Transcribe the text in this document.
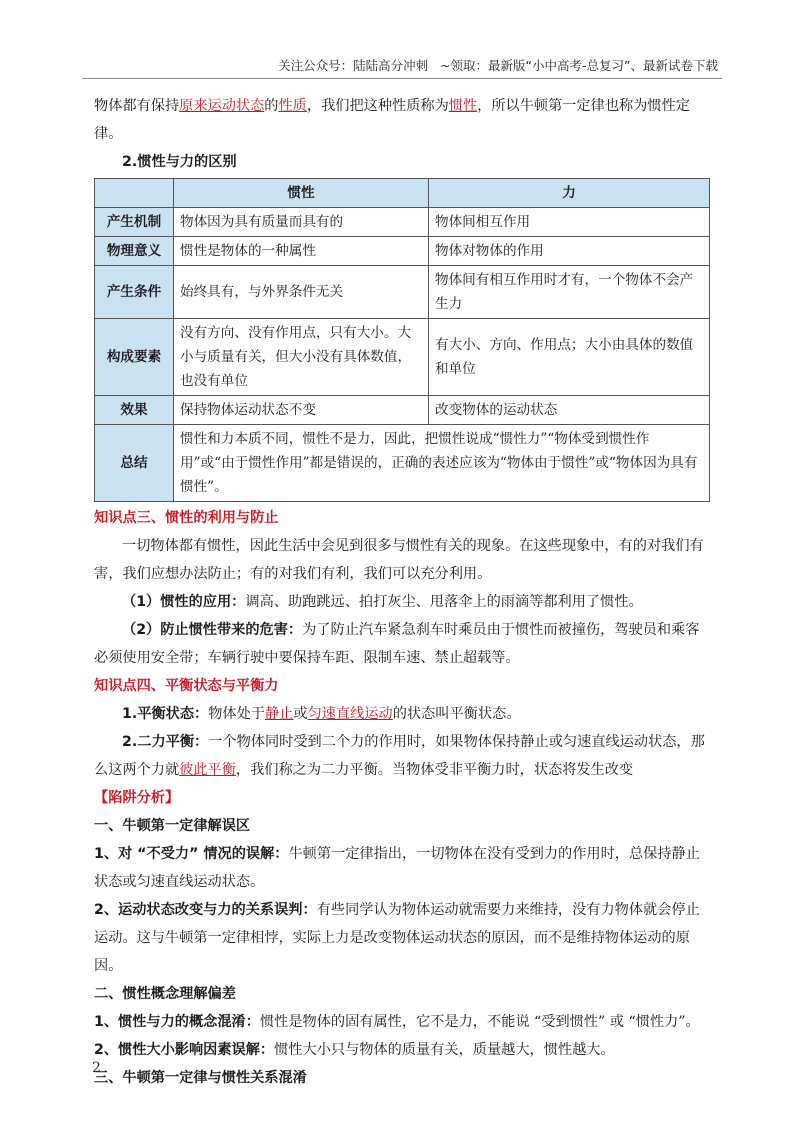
关注公众号：陆陆高分冲刺   ~领取：最新版“小中高考-总复习”、最新试卷下载

物体都有保持原来运动状态的性质，我们把这种性质称为惯性，所以牛顿第一定律也称为惯性定律。

2.惯性与力的区别

	惯性	力
产生机制	物体因为具有质量而具有的	物体间相互作用
物理意义	惯性是物体的一种属性	物体对物体的作用
产生条件	始终具有，与外界条件无关	物体间有相互作用时才有，一个物体不会产生力
构成要素	没有方向、没有作用点，只有大小。大小与质量有关，但大小没有具体数值，也没有单位	有大小、方向、作用点；大小由具体的数值和单位
效果	保持物体运动状态不变	改变物体的运动状态
总结	惯性和力本质不同，惯性不是力，因此，把惯性说成“惯性力”“物体受到惯性作用”或“由于惯性作用”都是错误的，正确的表述应该为“物体由于惯性”或“物体因为具有惯性”。	

知识点三、惯性的利用与防止

一切物体都有惯性，因此生活中会见到很多与惯性有关的现象。在这些现象中，有的对我们有害，我们应想办法防止；有的对我们有利，我们可以充分利用。

（1）惯性的应用：调高、助跑跳远、拍打灰尘、甩落伞上的雨滴等都利用了惯性。

（2）防止惯性带来的危害：为了防止汽车紧急刹车时乘员由于惯性而被撞伤，驾驶员和乘客必须使用安全带；车辆行驶中要保持车距、限制车速、禁止超载等。

知识点四、平衡状态与平衡力

1.平衡状态：物体处于静止或匀速直线运动的状态叫平衡状态。

2.二力平衡：一个物体同时受到二个力的作用时，如果物体保持静止或匀速直线运动状态，那么这两个力就彼此平衡，我们称之为二力平衡。当物体受非平衡力时，状态将发生改变

【陷阱分析】

一、牛顿第一定律解误区

1、对 “不受力” 情况的误解：牛顿第一定律指出，一切物体在没有受到力的作用时，总保持静止状态或匀速直线运动状态。

2、运动状态改变与力的关系误判：有些同学认为物体运动就需要力来维持，没有力物体就会停止运动。这与牛顿第一定律相悖，实际上力是改变物体运动状态的原因，而不是维持物体运动的原因。

二、惯性概念理解偏差

1、惯性与力的概念混淆：惯性是物体的固有属性，它不是力，不能说 “受到惯性” 或 “惯性力”。2、惯性大小影响因素误解：惯性大小只与物体的质量有关，质量越大，惯性越大。

三、牛顿第一定律与惯性关系混淆

2
